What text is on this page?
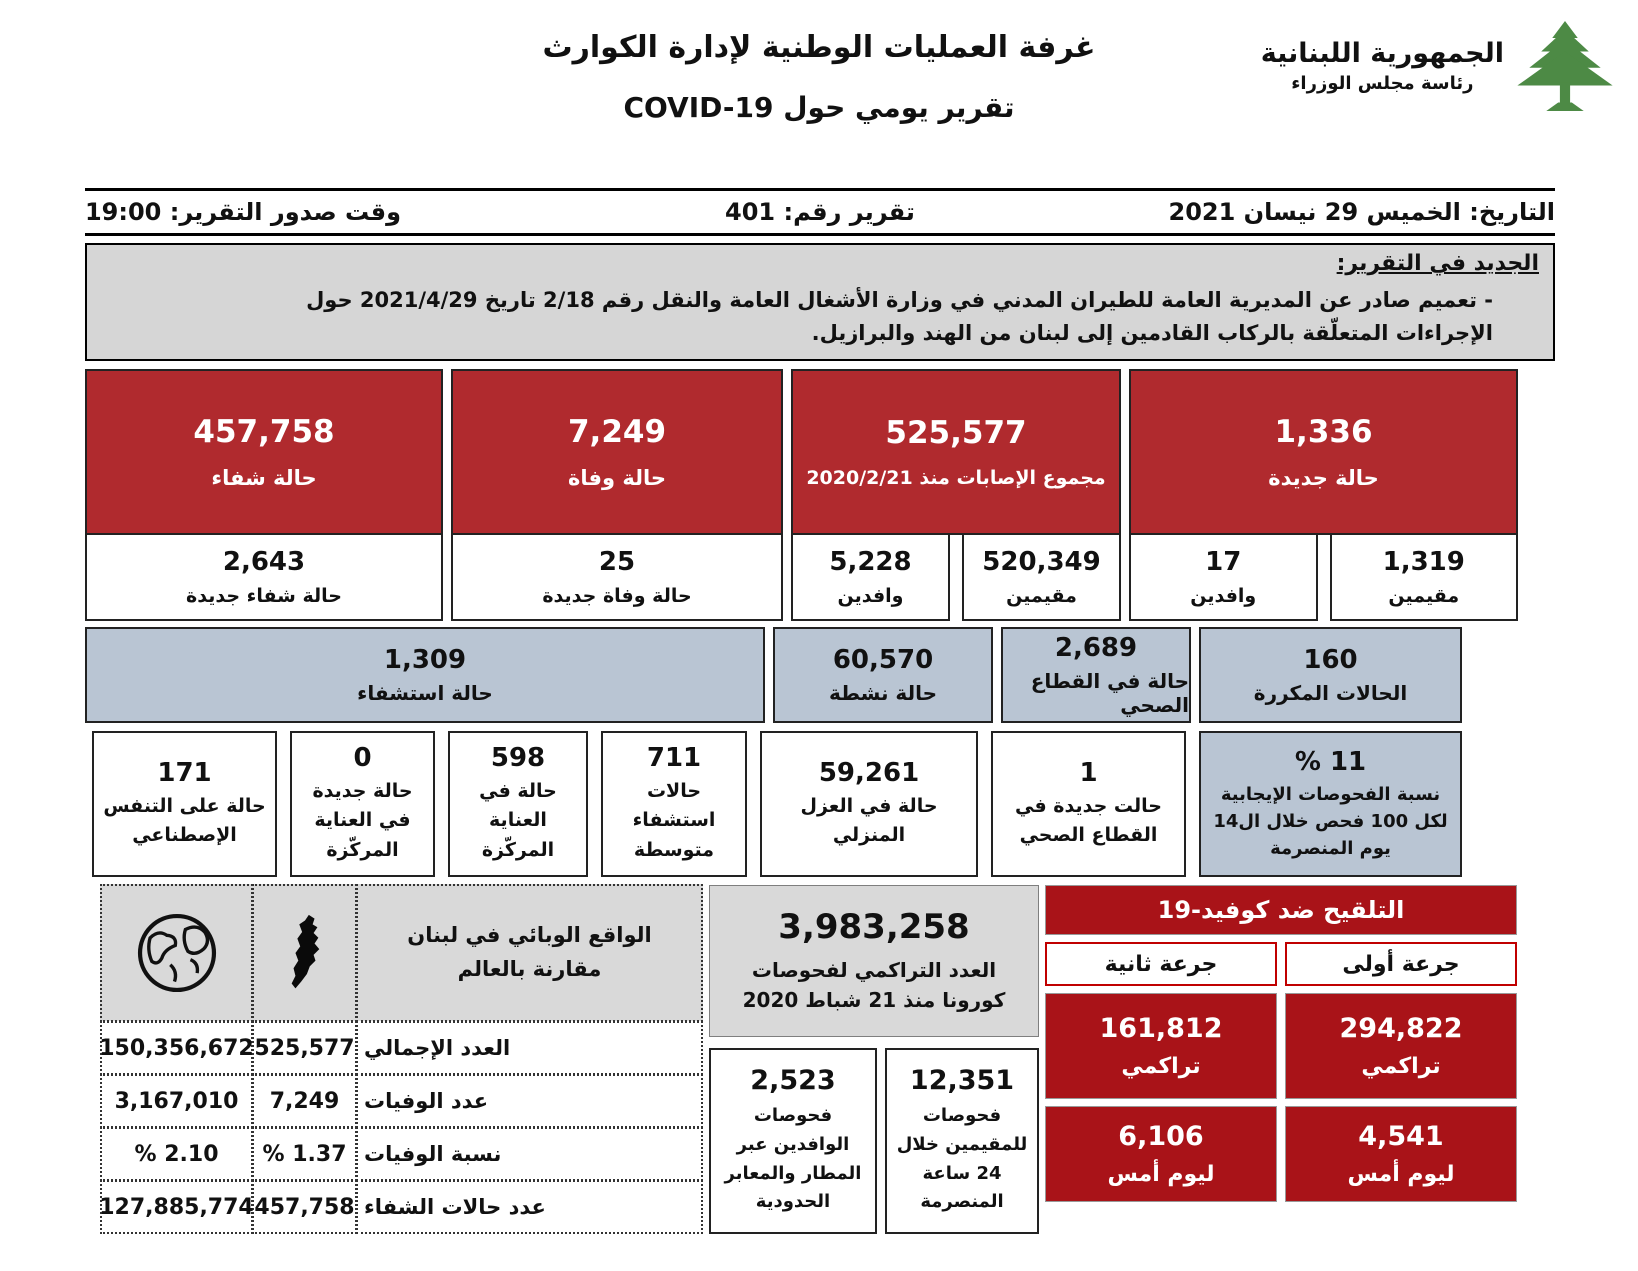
الجمهورية اللبنانية
رئاسة مجلس الوزراء
غرفة العمليات الوطنية لإدارة الكوارث
تقرير يومي حول COVID-19
التاريخ: الخميس 29 نيسان 2021
تقرير رقم: 401
وقت صدور التقرير: 19:00
الجديد في التقرير:
- تعميم صادر عن المديرية العامة للطيران المدني في وزارة الأشغال العامة والنقل رقم 2/18 تاريخ 2021/4/29 حول الإجراءات المتعلّقة بالركاب القادمين إلى لبنان من الهند والبرازيل.
1,336
حالة جديدة
1,319
مقيمين
17
وافدين
525,577
مجموع الإصابات منذ 2020/2/21
520,349
مقيمين
5,228
وافدين
7,249
حالة وفاة
25
حالة وفاة جديدة
457,758
حالة شفاء
2,643
حالة شفاء جديدة
160
الحالات المكررة
2,689
حالة في القطاع الصحي
60,570
حالة نشطة
1,309
حالة استشفاء
11 %
نسبة الفحوصات الإيجابية لكل 100 فحص خلال ال14 يوم المنصرمة
1
حالت جديدة في القطاع الصحي
59,261
حالة في العزل المنزلي
711
حالات استشفاء متوسطة
598
حالة في العناية المركّزة
0
حالة جديدة في العناية المركّزة
171
حالة على التنفس الإصطناعي
التلقيح ضد كوفيد-19
جرعة أولى
294,822
تراكمي
4,541
ليوم أمس
جرعة ثانية
161,812
تراكمي
6,106
ليوم أمس
3,983,258
العدد التراكمي لفحوصات كورونا منذ 21 شباط 2020
12,351
فحوصات للمقيمين خلال 24 ساعة المنصرمة
2,523
فحوصات الوافدين عبر المطار والمعابر الحدودية
الواقع الوبائي في لبنان مقارنة بالعالم
العدد الإجمالي
525,577
150,356,672
عدد الوفيات
7,249
3,167,010
نسبة الوفيات
1.37 %
2.10 %
عدد حالات الشفاء
457,758
127,885,774
